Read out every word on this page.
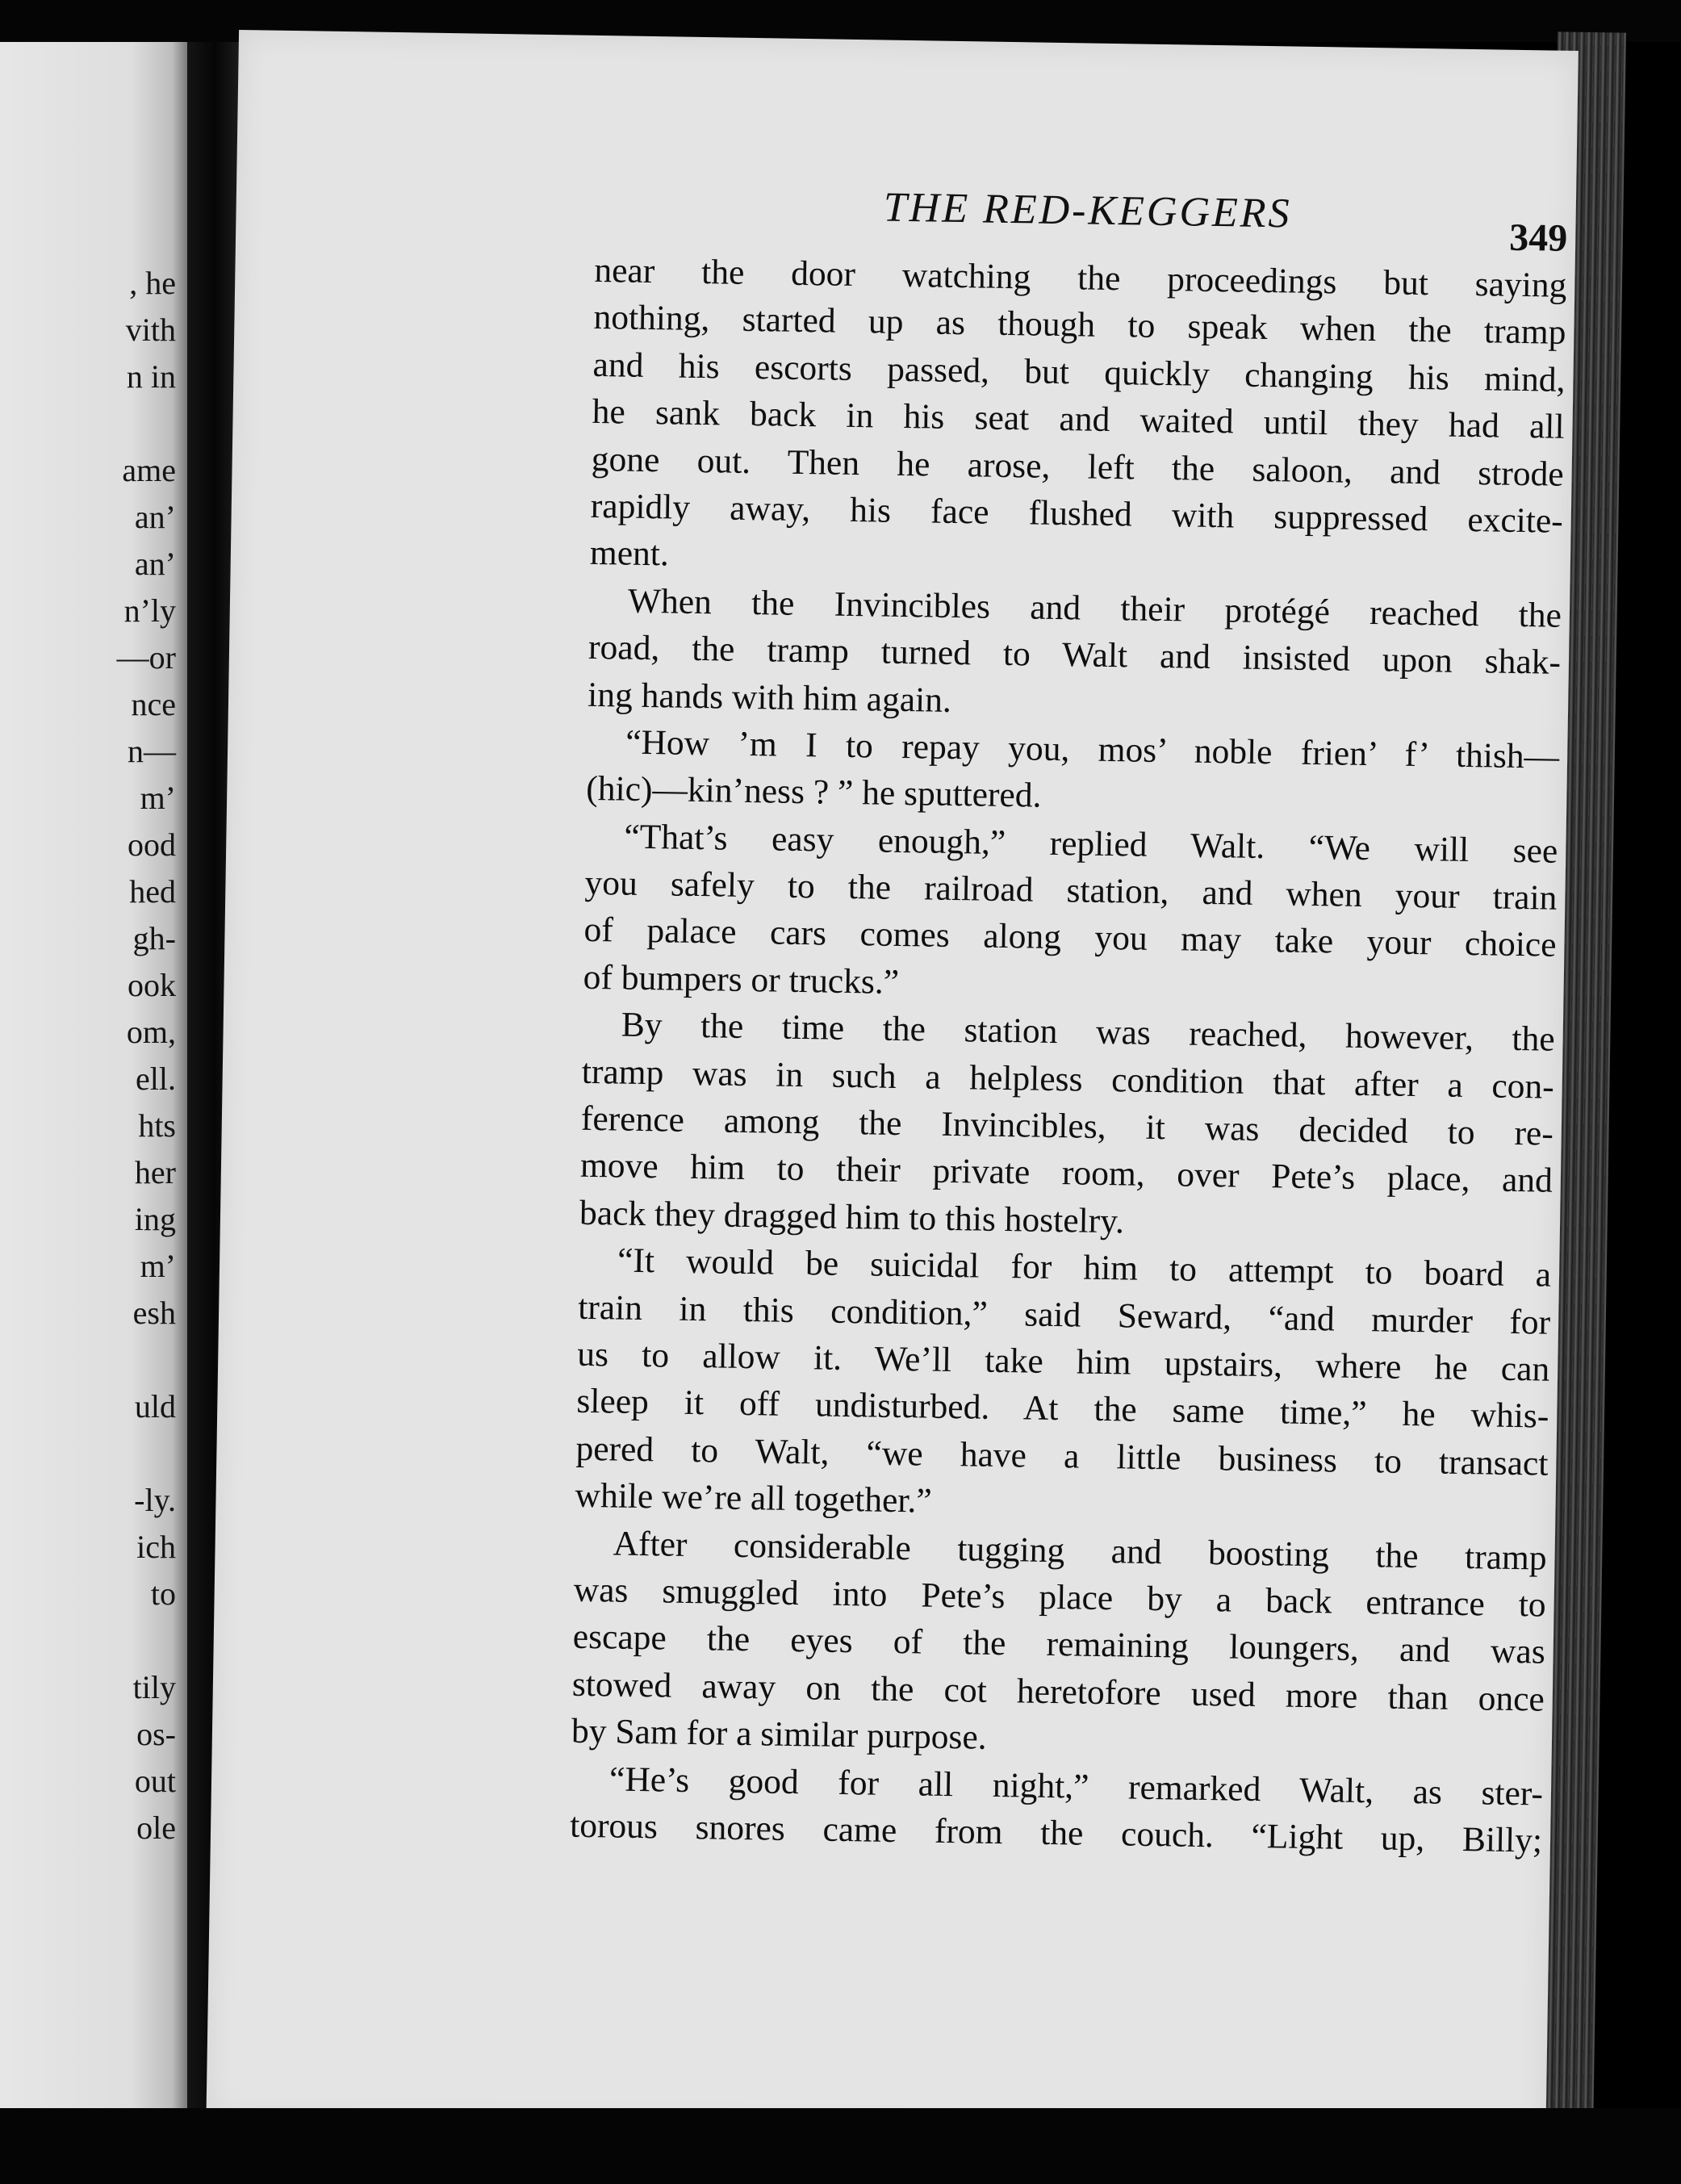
, he
vith
n in
ame
an’
an’
n’ly
—or
nce
n—
m’
ood
hed
gh-
ook
om,
ell.
hts
her
ing
m’
esh
uld
-ly.
ich
to
tily
os-
out
ole
THE RED-KEGGERS
349
near the door watching the proceedings but saying
nothing, started up as though to speak when the tramp
and his escorts passed, but quickly changing his mind,
he sank back in his seat and waited until they had all
gone out. Then he arose, left the saloon, and strode
rapidly away, his face flushed with suppressed excite-
ment.
When the Invincibles and their protégé reached the
road, the tramp turned to Walt and insisted upon shak-
ing hands with him again.
“How ’m I to repay you, mos’ noble frien’ f’ thish—
(hic)—kin’ness ? ” he sputtered.
“That’s easy enough,” replied Walt. “We will see
you safely to the railroad station, and when your train
of palace cars comes along you may take your choice
of bumpers or trucks.”
By the time the station was reached, however, the
tramp was in such a helpless condition that after a con-
ference among the Invincibles, it was decided to re-
move him to their private room, over Pete’s place, and
back they dragged him to this hostelry.
“It would be suicidal for him to attempt to board a
train in this condition,” said Seward, “and murder for
us to allow it. We’ll take him upstairs, where he can
sleep it off undisturbed. At the same time,” he whis-
pered to Walt, “we have a little business to transact
while we’re all together.”
After considerable tugging and boosting the tramp
was smuggled into Pete’s place by a back entrance to
escape the eyes of the remaining loungers, and was
stowed away on the cot heretofore used more than once
by Sam for a similar purpose.
“He’s good for all night,” remarked Walt, as ster-
torous snores came from the couch. “Light up, Billy;
